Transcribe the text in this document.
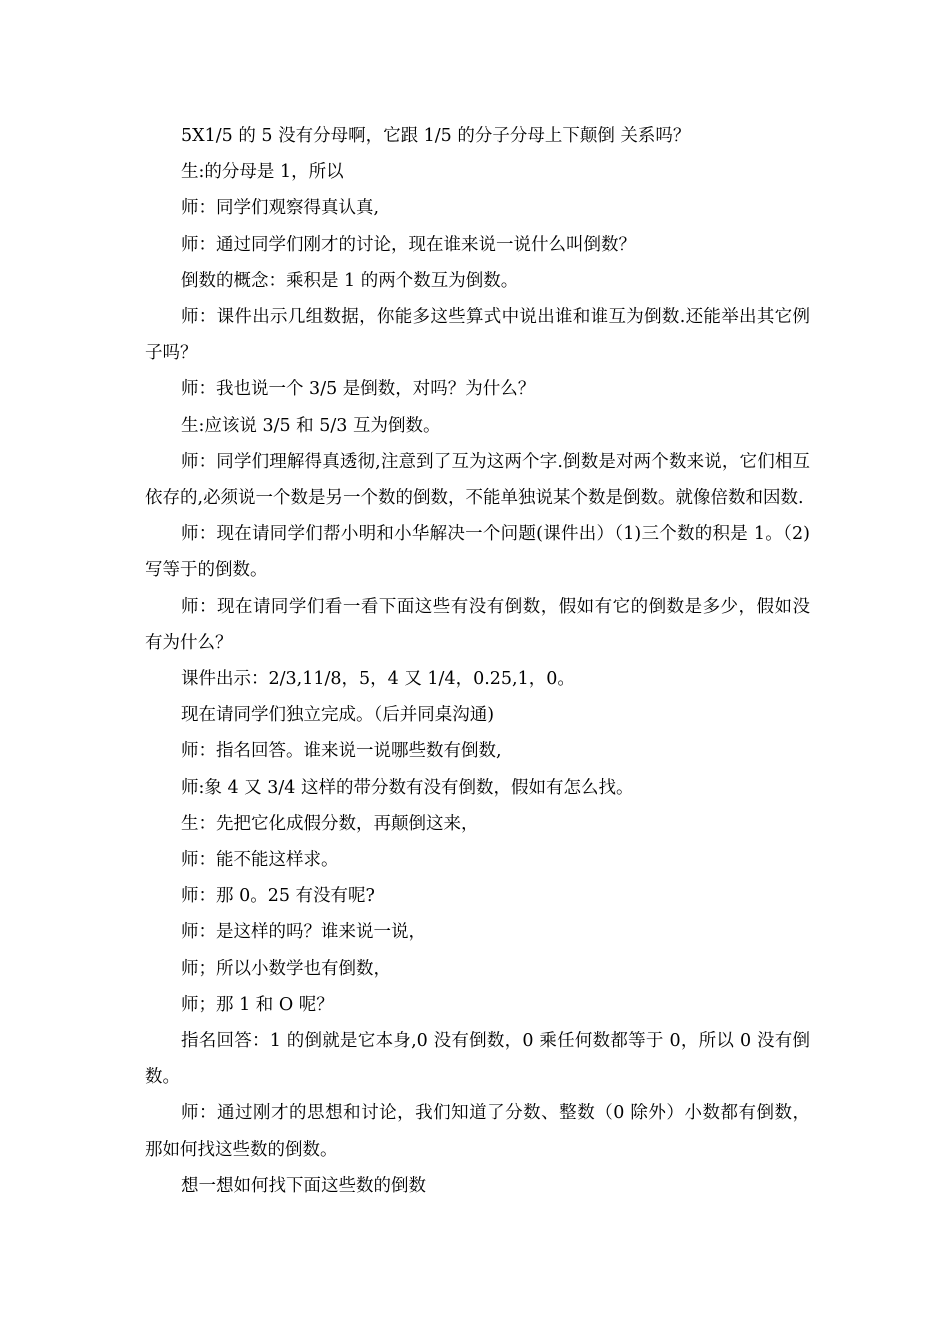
5X1/5 的 5 没有分母啊，它跟 1/5 的分子分母上下颠倒 关系吗？

生:的分母是 1，所以

师：同学们观察得真认真,

师：通过同学们刚才的讨论，现在谁来说一说什么叫倒数？

倒数的概念：乘积是 1 的两个数互为倒数。

师：课件出示几组数据，你能多这些算式中说出谁和谁互为倒数.还能举出其它例子吗？

师：我也说一个 3/5 是倒数，对吗？为什么？

生:应该说 3/5 和 5/3 互为倒数。

师：同学们理解得真透彻,注意到了互为这两个字.倒数是对两个数来说，它们相互依存的,必须说一个数是另一个数的倒数，不能单独说某个数是倒数。就像倍数和因数.

师：现在请同学们帮小明和小华解决一个问题(课件出）（1)三个数的积是 1。（2)写等于的倒数。

师：现在请同学们看一看下面这些有没有倒数，假如有它的倒数是多少，假如没有为什么？

课件出示：2/3,11/8，5，4 又 1/4，0.25,1，0。

现在请同学们独立完成。（后并同桌沟通)

师：指名回答。谁来说一说哪些数有倒数,

师:象 4 又 3/4 这样的带分数有没有倒数，假如有怎么找。

生：先把它化成假分数，再颠倒这来，

师：能不能这样求。

师：那 0。25 有没有呢?

师：是这样的吗？谁来说一说，

师；所以小数学也有倒数，

师；那 1 和 O 呢？

指名回答：1 的倒就是它本身,0 没有倒数，0 乘任何数都等于 0，所以 0 没有倒数。

师：通过刚才的思想和讨论，我们知道了分数、整数（0 除外）小数都有倒数，那如何找这些数的倒数。

想一想如何找下面这些数的倒数
